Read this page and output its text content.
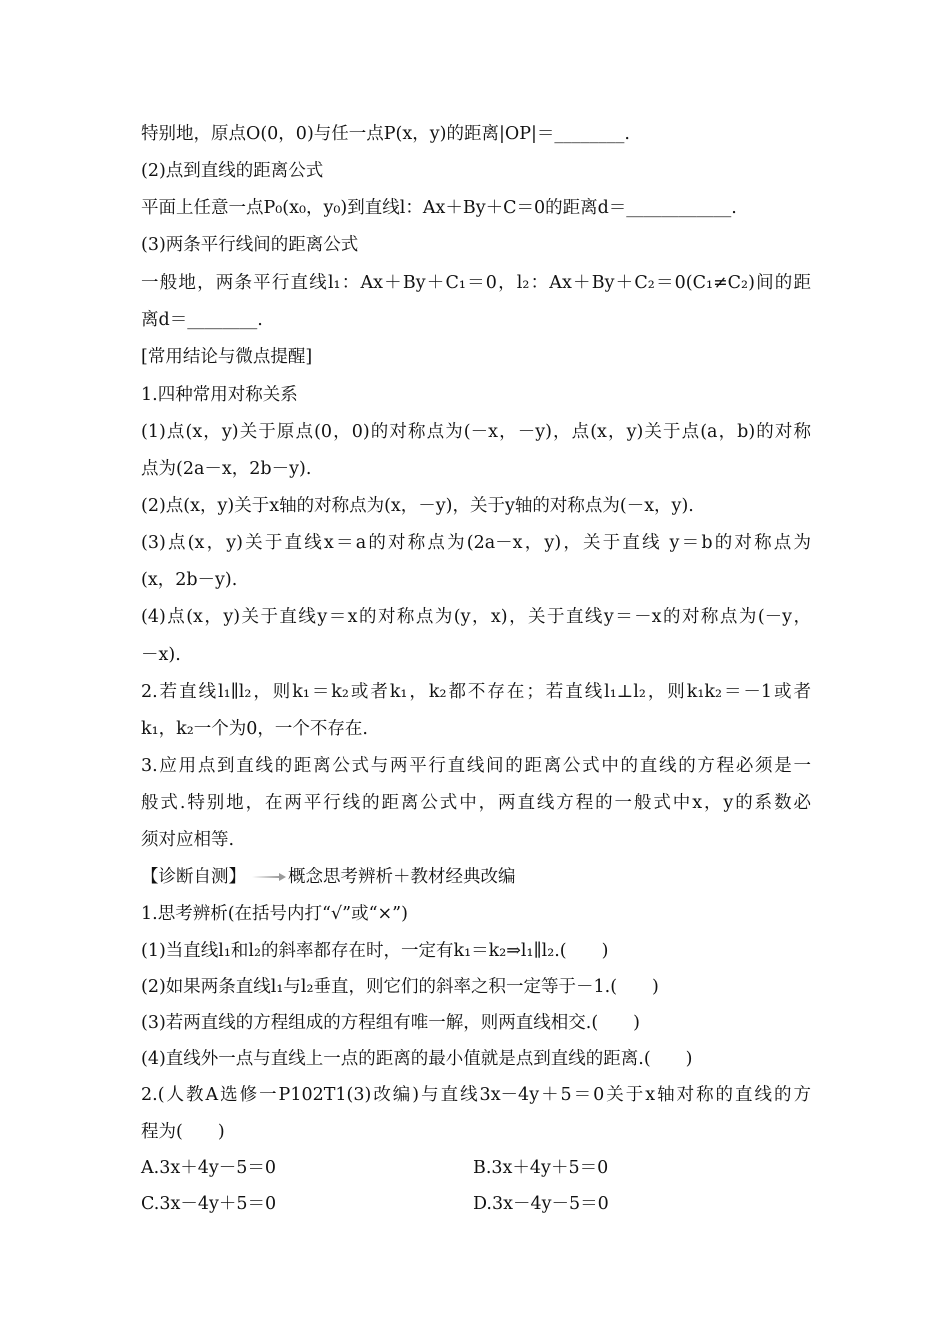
特别地，原点O(0，0)与任一点P(x，y)的距离|OP|＝________.
(2)点到直线的距离公式
平面上任意一点P₀(x₀，y₀)到直线l：Ax＋By＋C＝0的距离d＝____________.
(3)两条平行线间的距离公式
一般地，两条平行直线l₁：Ax＋By＋C₁＝0，l₂：Ax＋By＋C₂＝0(C₁≠C₂)间的距
离d＝________.
[常用结论与微点提醒]
1.四种常用对称关系
(1)点(x，y)关于原点(0，0)的对称点为(－x，－y)，点(x，y)关于点(a，b)的对称
点为(2a－x，2b－y).
(2)点(x，y)关于x轴的对称点为(x，－y)，关于y轴的对称点为(－x，y).
(3)点(x，y)关于直线x＝a的对称点为(2a－x，y)，关于直线 y＝b的对称点为
(x，2b－y).
(4)点(x，y)关于直线y＝x的对称点为(y，x)，关于直线y＝－x的对称点为(－y，
－x).
2.若直线l₁∥l₂，则k₁＝k₂或者k₁，k₂都不存在；若直线l₁⊥l₂，则k₁k₂＝－1或者
k₁，k₂一个为0，一个不存在.
3.应用点到直线的距离公式与两平行直线间的距离公式中的直线的方程必须是一
般式.特别地，在两平行线的距离公式中，两直线方程的一般式中x，y的系数必
须对应相等.
【诊断自测】 概念思考辨析＋教材经典改编
1.思考辨析(在括号内打“√”或“×”)
(1)当直线l₁和l₂的斜率都存在时，一定有k₁＝k₂⇒l₁∥l₂.(　　)
(2)如果两条直线l₁与l₂垂直，则它们的斜率之积一定等于－1.(　　)
(3)若两直线的方程组成的方程组有唯一解，则两直线相交.(　　)
(4)直线外一点与直线上一点的距离的最小值就是点到直线的距离.(　　)
2.(人教A选修一P102T1(3)改编)与直线3x－4y＋5＝0关于x轴对称的直线的方
程为(　　)
A.3x＋4y－5＝0	B.3x＋4y＋5＝0
C.3x－4y＋5＝0	D.3x－4y－5＝0
